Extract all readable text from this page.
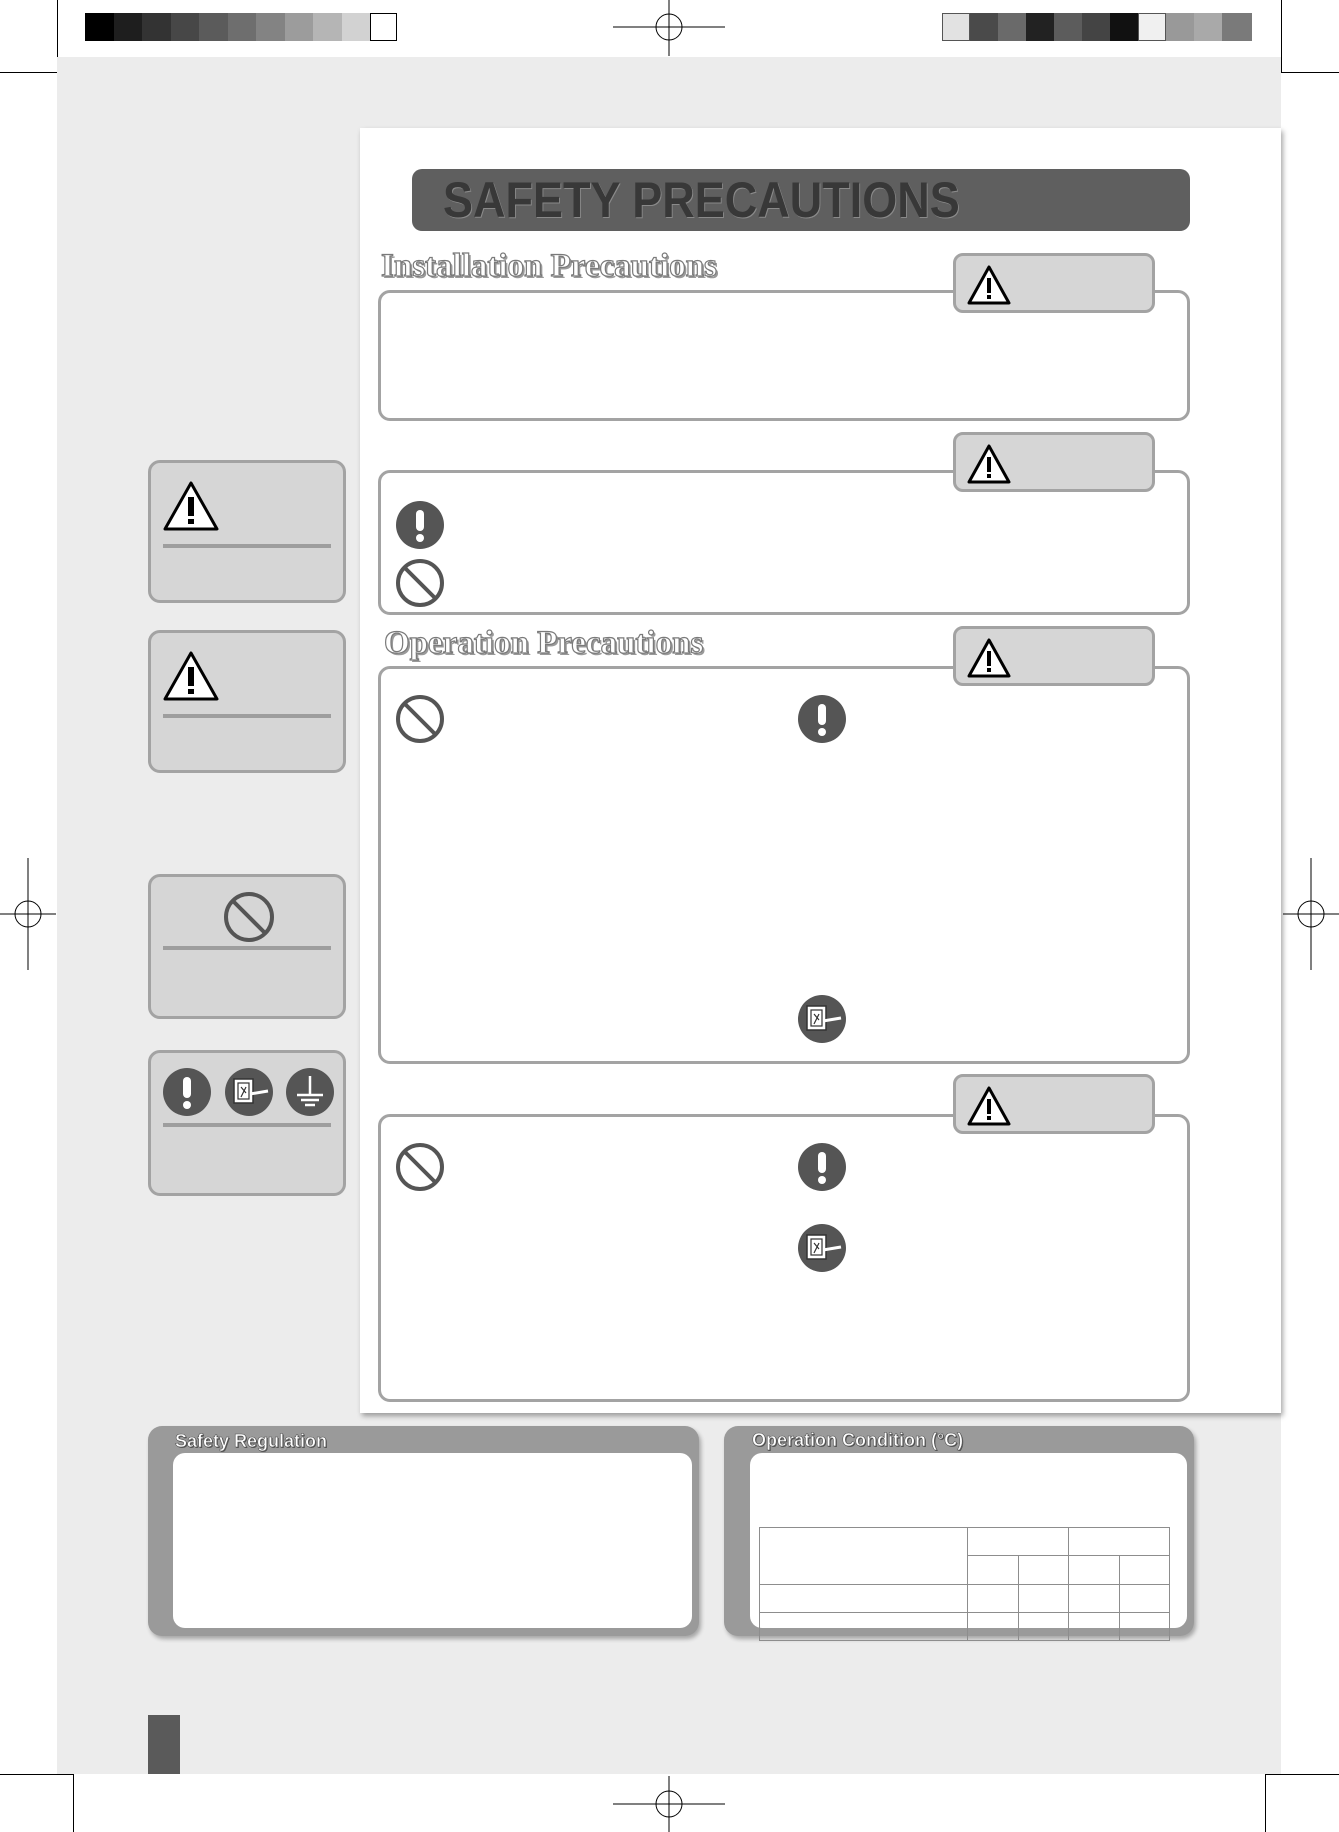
SAFETY PRECAUTIONS
Installation Precautions
Operation Precautions
Safety Regulation	Operation Condition (°C)
